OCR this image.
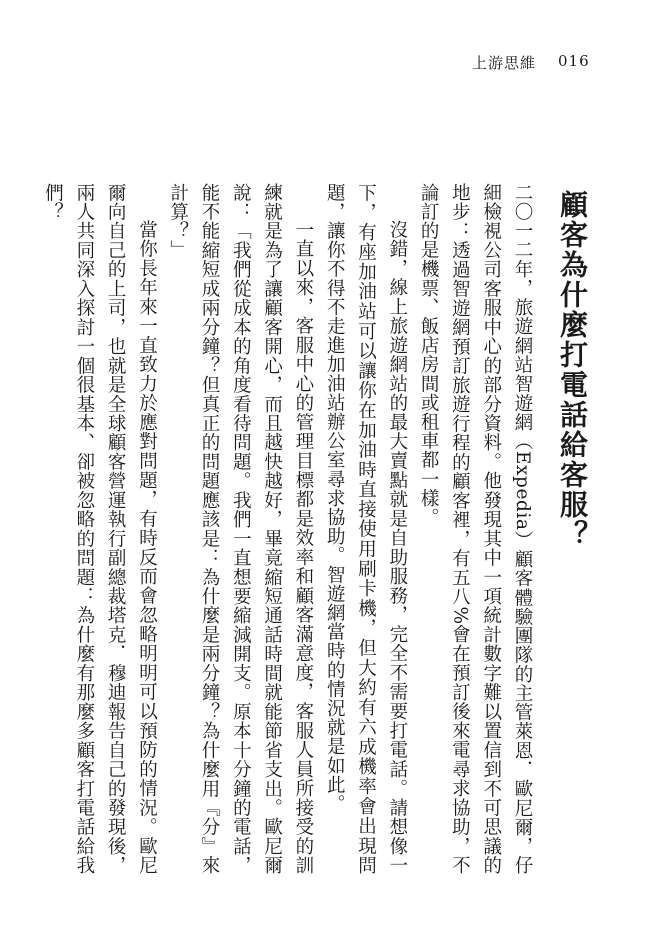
上游思維 016
顧客為什麼打電話給客服？

二〇一二年，旅遊網站智遊網（Expedia）顧客體驗團隊的主管萊恩．歐尼爾，仔細檢視公司客服中心的部分資料。他發現其中一項統計數字難以置信到不可思議的地步：透過智遊網預訂旅遊行程的顧客裡，有五八%會在預訂後來電尋求協助，不論訂的是機票、飯店房間或租車都一樣。

沒錯，線上旅遊網站的最大賣點就是自助服務，完全不需要打電話。請想像一下，有座加油站可以讓你在加油時直接使用刷卡機，但大約有六成機率會出現問題，讓你不得不走進加油站辦公室尋求協助。智遊網當時的情況就是如此。

一直以來，客服中心的管理目標都是效率和顧客滿意度，客服人員所接受的訓練就是為了讓顧客開心，而且越快越好，畢竟縮短通話時間就能節省支出。歐尼爾說：「我們從成本的角度看待問題。我們一直想要縮減開支。原本十分鐘的電話，能不能縮短成兩分鐘？但真正的問題應該是：為什麼是兩分鐘？為什麼用『分』來計算？」

當你長年來一直致力於應對問題，有時反而會忽略明明可以預防的情況。歐尼爾向自己的上司，也就是全球顧客營運執行副總裁塔克．穆迪報告自己的發現後，兩人共同深入探討一個很基本、卻被忽略的問題：為什麼有那麼多顧客打電話給我們？
